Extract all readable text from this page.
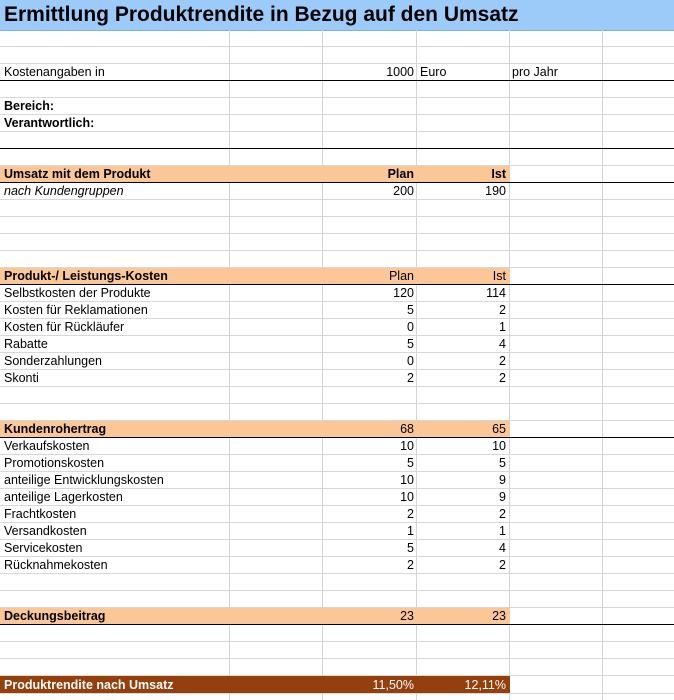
Ermittlung Produktrendite in Bezug auf den Umsatz
Kostenangaben in	1000 Euro	pro Jahr
Bereich:
Verantwortlich:
Umsatz mit dem Produkt	Plan	Ist
nach Kundengruppen	200	190
Produkt-/ Leistungs-Kosten	Plan	Ist
Selbstkosten der Produkte	120	114
Kosten für Reklamationen	5	2
Kosten für Rückläufer	0	1
Rabatte	5	4
Sonderzahlungen	0	2
Skonti	2	2
Kundenrohertrag	68	65
Verkaufskosten	10	10
Promotionskosten	5	5
anteilige Entwicklungskosten	10	9
anteilige Lagerkosten	10	9
Frachtkosten	2	2
Versandkosten	1	1
Servicekosten	5	4
Rücknahmekosten	2	2
Deckungsbeitrag	23	23
Produktrendite nach Umsatz	11,50%	12,11%
